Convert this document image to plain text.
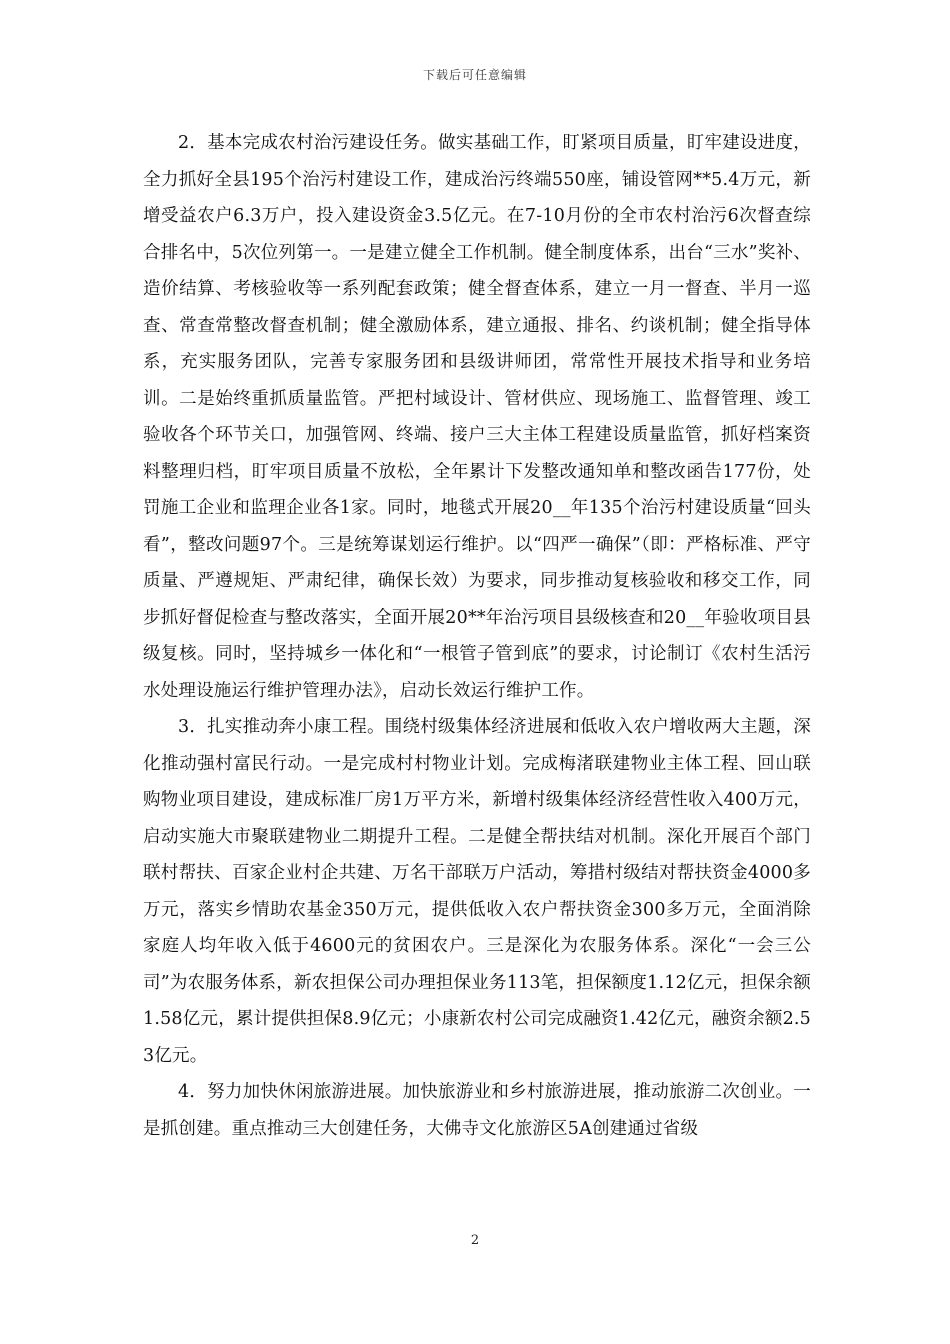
下载后可任意编辑

2．基本完成农村治污建设任务。做实基础工作，盯紧项目质量，盯牢建设进度，全力抓好全县195个治污村建设工作，建成治污终端550座，铺设管网**5.4万元，新增受益农户6.3万户，投入建设资金3.5亿元。在7-10月份的全市农村治污6次督查综合排名中，5次位列第一。一是建立健全工作机制。健全制度体系，出台“三水”奖补、造价结算、考核验收等一系列配套政策；健全督查体系，建立一月一督查、半月一巡查、常查常整改督查机制；健全激励体系，建立通报、排名、约谈机制；健全指导体系，充实服务团队，完善专家服务团和县级讲师团，常常性开展技术指导和业务培训。二是始终重抓质量监管。严把村域设计、管材供应、现场施工、监督管理、竣工验收各个环节关口，加强管网、终端、接户三大主体工程建设质量监管，抓好档案资料整理归档，盯牢项目质量不放松，全年累计下发整改通知单和整改函告177份，处罚施工企业和监理企业各1家。同时，地毯式开展20__年135个治污村建设质量“回头看”，整改问题97个。三是统筹谋划运行维护。以“四严一确保”（即：严格标准、严守质量、严遵规矩、严肃纪律，确保长效）为要求，同步推动复核验收和移交工作，同步抓好督促检查与整改落实，全面开展20**年治污项目县级核查和20__年验收项目县级复核。同时，坚持城乡一体化和“一根管子管到底”的要求，讨论制订《农村生活污水处理设施运行维护管理办法》，启动长效运行维护工作。

3．扎实推动奔小康工程。围绕村级集体经济进展和低收入农户增收两大主题，深化推动强村富民行动。一是完成村村物业计划。完成梅渚联建物业主体工程、回山联购物业项目建设，建成标准厂房1万平方米，新增村级集体经济经营性收入400万元，启动实施大市聚联建物业二期提升工程。二是健全帮扶结对机制。深化开展百个部门联村帮扶、百家企业村企共建、万名干部联万户活动，筹措村级结对帮扶资金4000多万元，落实乡情助农基金350万元，提供低收入农户帮扶资金300多万元，全面消除家庭人均年收入低于4600元的贫困农户。三是深化为农服务体系。深化“一会三公司”为农服务体系，新农担保公司办理担保业务113笔，担保额度1.12亿元，担保余额1.58亿元，累计提供担保8.9亿元；小康新农村公司完成融资1.42亿元，融资余额2.53亿元。

4．努力加快休闲旅游进展。加快旅游业和乡村旅游进展，推动旅游二次创业。一是抓创建。重点推动三大创建任务，大佛寺文化旅游区5A创建通过省级

2
